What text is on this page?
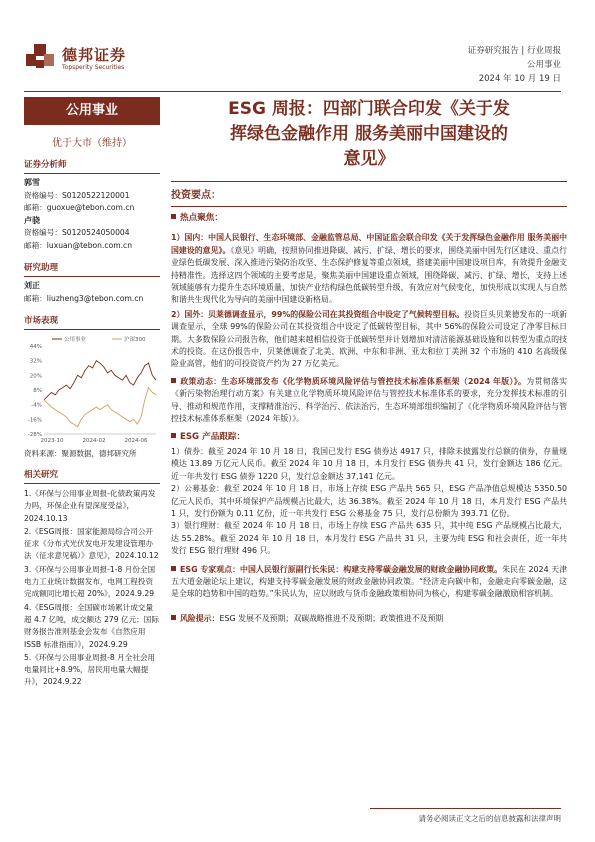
德邦证券
Topsperity Securities
证券研究报告 | 行业周报
公用事业
2024 年 10 月 19 日
公用事业
优于大市（维持）
证券分析师
郭雪
资格编号：S0120522120001
邮箱：guoxue@tebon.com.cn
卢骁
资格编号：S0120524050004
邮箱：luxuan@tebon.com.cn
研究助理
刘正
邮箱：liuzheng3@tebon.com.cn
市场表现
44%
32%
20%
8%
-4%
-16%
-28%
2023-10	2024-02	2024-06
公用事业	沪深300
资料来源：聚源数据，德邦研究所
相关研究
1.《环保与公用事业周报-化债政策再发力吗，环保企业有望深度受益》，2024.10.13
2.《ESG周报：国家能源局综合司公开征求《分布式光伏发电开发建设管理办法（征求意见稿）》意见》，2024.10.12
3.《环保与公用事业周报-1-8 月份全国电力工业统计数据发布，电网工程投资完成额同比增长超 20%》，2024.9.29
4.《ESG周报：全国碳市场累计成交量超 4.7 亿吨，成交额达 279 亿元；国际财务报告准则基金会发布《自然应用 ISSB 标准指南》》，2024.9.29
5.《环保与公用事业周报-8 月全社会用电量同比+8.9%，居民用电量大幅提升》，2024.9.22
ESG 周报：四部门联合印发《关于发
挥绿色金融作用 服务美丽中国建设的
意见》
投资要点：
热点聚焦：
1）国内：中国人民银行、生态环境部、金融监管总局、中国证监会联合印发《关于发挥绿色金融作用 服务美丽中国建设的意见》。《意见》明确，按照协同推进降碳、减污、扩绿、增长的要求，围绕美丽中国先行区建设、重点行业绿色低碳发展、深入推进污染防治攻坚、生态保护修复等重点领域，搭建美丽中国建设项目库，有效提升金融支持精准性。选择这四个领域的主要考虑是，聚焦美丽中国建设重点领域，围绕降碳、减污、扩绿、增长，支持上述领域能够有力提升生态环境质量，加快产业结构绿色低碳转型升级，有效应对气候变化，加快形成以实现人与自然和谐共生现代化为导向的美丽中国建设新格局。
2）国外：贝莱德调查显示，99%的保险公司在其投资组合中设定了气候转型目标。投资巨头贝莱德发布的一项新调查显示，全球 99%的保险公司在其投资组合中设定了低碳转型目标，其中 56%的保险公司设定了净零目标日期。大多数保险公司报告称，他们越来越相信投资于低碳转型并计划增加对清洁能源基础设施和以转型为重点的技术的投资。在这份报告中，贝莱德调查了北美、欧洲、中东和非洲、亚太和拉丁美洲 32 个市场的 410 名高级保险业高管，他们的可投资资产约为 27 万亿美元。
政策动态：生态环境部发布《化学物质环境风险评估与管控技术标准体系框架（2024 年版）》。为贯彻落实《新污染物治理行动方案》有关建立化学物质环境风险评估与管控技术标准体系的要求，充分发挥技术标准的引导、推动和规范作用，支撑精准治污、科学治污、依法治污，生态环境部组织编制了《化学物质环境风险评估与管控技术标准体系框架（2024 年版）》。
ESG 产品跟踪：
1）债券：截至 2024 年 10 月 18 日，我国已发行 ESG 债券达 4917 只，排除未披露发行总额的债券，存量规模达 13.89 万亿元人民币。截至 2024 年 10 月 18 日，本月发行 ESG 债券共 41 只，发行金额达 186 亿元。近一年共发行 ESG 债券 1220 只，发行总金额达 37,141 亿元。
2）公募基金：截至 2024 年 10 月 18 日，市场上存续 ESG 产品共 565 只，ESG 产品净值总规模达 5350.50 亿元人民币，其中环境保护产品规模占比最大，达 36.38%。截至 2024 年 10 月 18 日，本月发行 ESG 产品共 1 只，发行份额为 0.11 亿份，近一年共发行 ESG 公募基金 75 只，发行总份额为 393.71 亿份。
3）银行理财：截至 2024 年 10 月 18 日，市场上存续 ESG 产品共 635 只，其中纯 ESG 产品规模占比最大，达 55.28%。截至 2024 年 10 月 18 日，本月发行 ESG 产品共 31 只，主要为纯 ESG 和社会责任，近一年共发行 ESG 银行理财 496 只。
ESG 专家观点：中国人民银行原副行长朱民：构建支持零碳金融发展的财政金融协同政策。朱民在 2024 天津五大道金融论坛上建议，构建支持零碳金融发展的财政金融协同政策。“经济走向碳中和，金融走向零碳金融，这是全球的趋势和中国的趋势。”朱民认为，应以财政与货币金融政策相协同为核心，构建零碳金融激励相容机制。
风险提示：ESG 发展不及预期；双碳战略推进不及预期；政策推进不及预期
请务必阅读正文之后的信息披露和法律声明
